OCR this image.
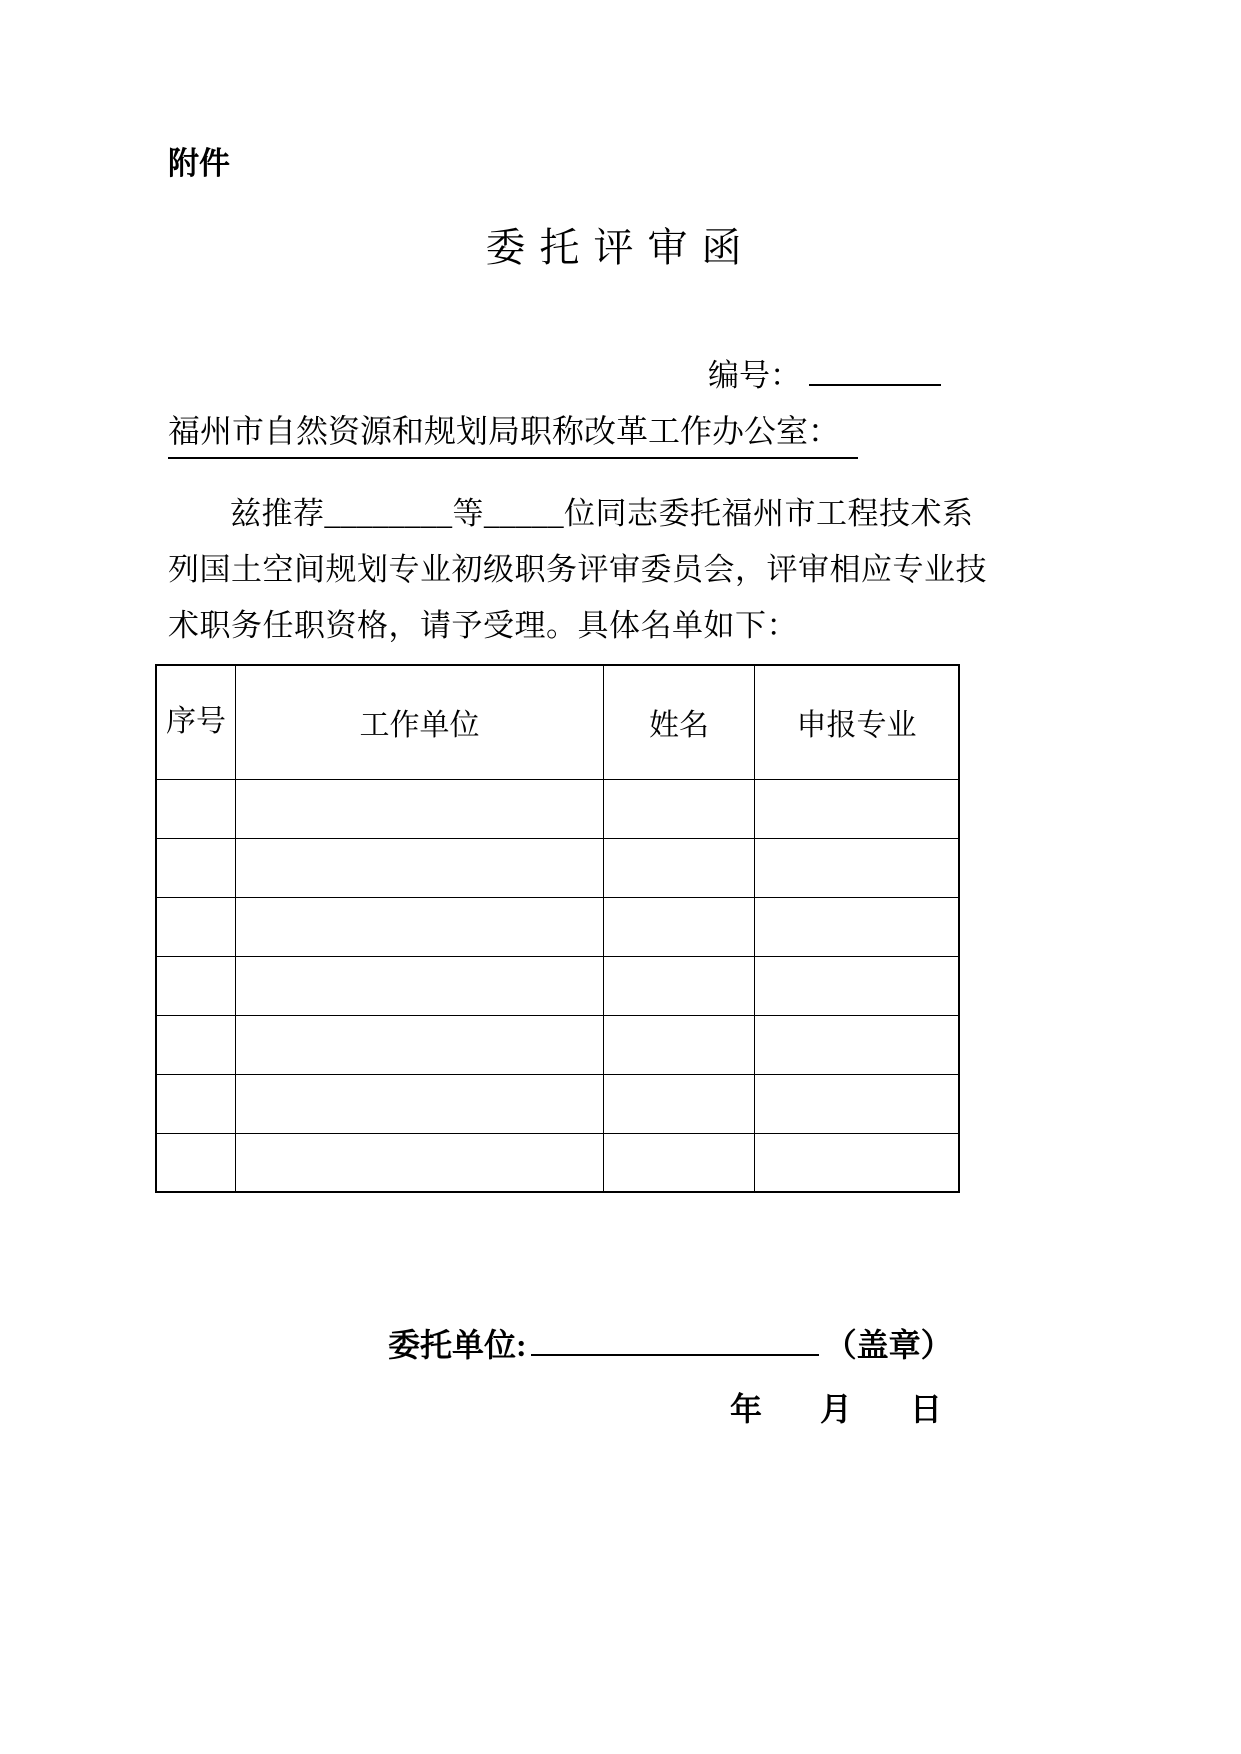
附件
委托评审函
编号：
福州市自然资源和规划局职称改革工作办公室：
兹推荐________等_____位同志委托福州市工程技术系
列国土空间规划专业初级职务评审委员会，评审相应专业技
术职务任职资格，请予受理。具体名单如下：
序号	工作单位	姓名	申报专业

委托单位:	（盖章）
年 月 日
